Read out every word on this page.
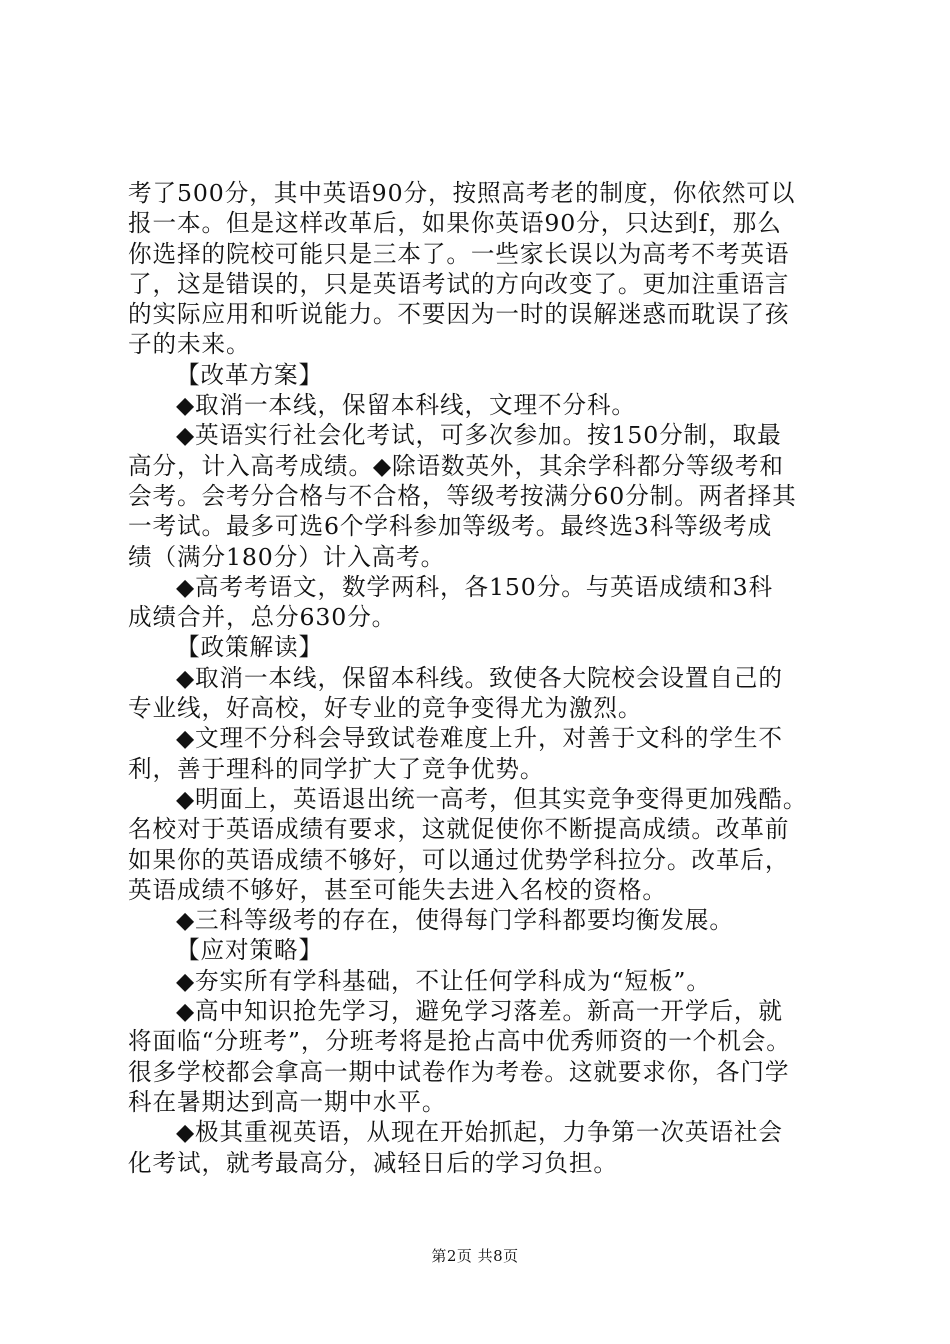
考了500分，其中英语90分，按照高考老的制度，你依然可以
报一本。但是这样改革后，如果你英语90分，只达到f，那么
你选择的院校可能只是三本了。一些家长误以为高考不考英语
了，这是错误的，只是英语考试的方向改变了。更加注重语言
的实际应用和听说能力。不要因为一时的误解迷惑而耽误了孩
子的未来。
【改革方案】
◆取消一本线，保留本科线，文理不分科。
◆英语实行社会化考试，可多次参加。按150分制，取最
高分，计入高考成绩。◆除语数英外，其余学科都分等级考和
会考。会考分合格与不合格，等级考按满分60分制。两者择其
一考试。最多可选6个学科参加等级考。最终选3科等级考成
绩（满分180分）计入高考。
◆高考考语文，数学两科，各150分。与英语成绩和3科
成绩合并，总分630分。
【政策解读】
◆取消一本线，保留本科线。致使各大院校会设置自己的
专业线，好高校，好专业的竞争变得尤为激烈。
◆文理不分科会导致试卷难度上升，对善于文科的学生不
利，善于理科的同学扩大了竞争优势。
◆明面上，英语退出统一高考，但其实竞争变得更加残酷。
名校对于英语成绩有要求，这就促使你不断提高成绩。改革前
如果你的英语成绩不够好，可以通过优势学科拉分。改革后，
英语成绩不够好，甚至可能失去进入名校的资格。
◆三科等级考的存在，使得每门学科都要均衡发展。
【应对策略】
◆夯实所有学科基础，不让任何学科成为“短板”。
◆高中知识抢先学习，避免学习落差。新高一开学后，就
将面临“分班考”，分班考将是抢占高中优秀师资的一个机会。
很多学校都会拿高一期中试卷作为考卷。这就要求你，各门学
科在暑期达到高一期中水平。
◆极其重视英语，从现在开始抓起，力争第一次英语社会
化考试，就考最高分，减轻日后的学习负担。
第2页 共8页
